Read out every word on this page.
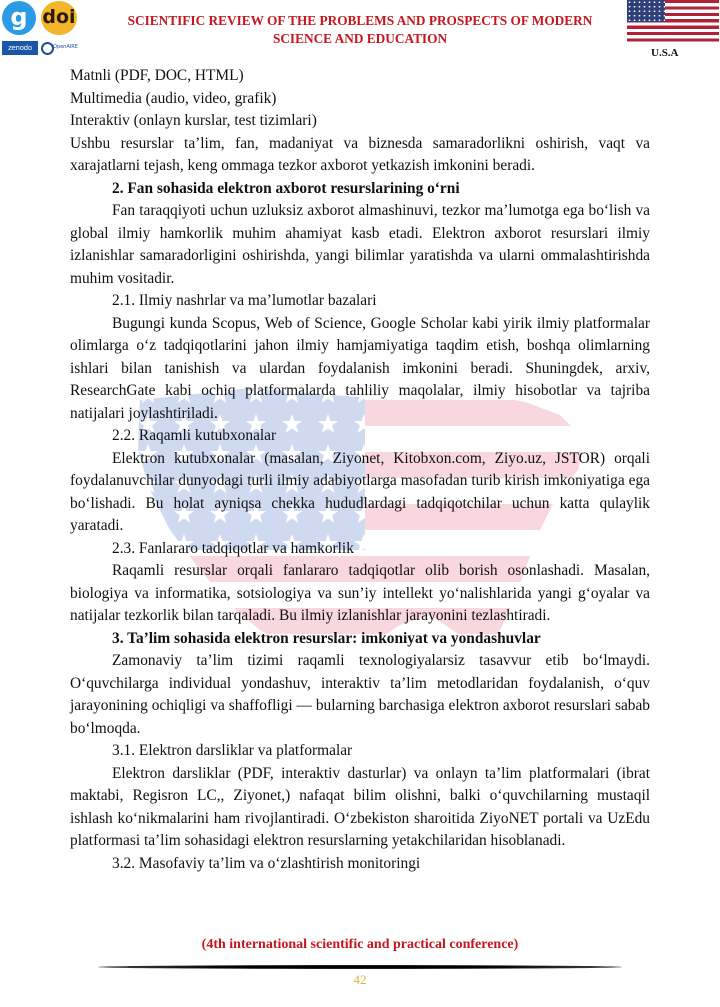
g doi
zenodo	OpenAIRE
SCIENTIFIC REVIEW OF THE PROBLEMS AND PROSPECTS OF MODERN
SCIENCE AND EDUCATION
U.S.A

Matnli (PDF, DOC, HTML)

Multimedia (audio, video, grafik)

Interaktiv (onlayn kurslar, test tizimlari)

Ushbu resurslar ta’lim, fan, madaniyat va biznesda samaradorlikni oshirish, vaqt va xarajatlarni tejash, keng ommaga tezkor axborot yetkazish imkonini beradi.

2. Fan sohasida elektron axborot resurslarining o‘rni

Fan taraqqiyoti uchun uzluksiz axborot almashinuvi, tezkor ma’lumotga ega bo‘lish va global ilmiy hamkorlik muhim ahamiyat kasb etadi. Elektron axborot resurslari ilmiy izlanishlar samaradorligini oshirishda, yangi bilimlar yaratishda va ularni ommalashtirishda muhim vositadir.

2.1. Ilmiy nashrlar va ma’lumotlar bazalari

Bugungi kunda Scopus, Web of Science, Google Scholar kabi yirik ilmiy platformalar olimlarga o‘z tadqiqotlarini jahon ilmiy hamjamiyatiga taqdim etish, boshqa olimlarning ishlari bilan tanishish va ulardan foydalanish imkonini beradi. Shuningdek, arxiv, ResearchGate kabi ochiq platformalarda tahliliy maqolalar, ilmiy hisobotlar va tajriba natijalari joylashtiriladi.

2.2. Raqamli kutubxonalar

Elektron kutubxonalar (masalan, Ziyonet, Kitobxon.com, Ziyo.uz, JSTOR) orqali foydalanuvchilar dunyodagi turli ilmiy adabiyotlarga masofadan turib kirish imkoniyatiga ega bo‘lishadi. Bu holat ayniqsa chekka hududlardagi tadqiqotchilar uchun katta qulaylik yaratadi.

2.3. Fanlararo tadqiqotlar va hamkorlik

Raqamli resurslar orqali fanlararo tadqiqotlar olib borish osonlashadi. Masalan, biologiya va informatika, sotsiologiya va sun’iy intellekt yo‘nalishlarida yangi g‘oyalar va natijalar tezkorlik bilan tarqaladi. Bu ilmiy izlanishlar jarayonini tezlashtiradi.

3. Ta’lim sohasida elektron resurslar: imkoniyat va yondashuvlar

Zamonaviy ta’lim tizimi raqamli texnologiyalarsiz tasavvur etib bo‘lmaydi. O‘quvchilarga individual yondashuv, interaktiv ta’lim metodlaridan foydalanish, o‘quv jarayonining ochiqligi va shaffofligi — bularning barchasiga elektron axborot resurslari sabab bo‘lmoqda.

3.1. Elektron darsliklar va platformalar

Elektron darsliklar (PDF, interaktiv dasturlar) va onlayn ta’lim platformalari (ibrat maktabi, Regisron LC,, Ziyonet,) nafaqat bilim olishni, balki o‘quvchilarning mustaqil ishlash ko‘nikmalarini ham rivojlantiradi. O‘zbekiston sharoitida ZiyoNET portali va UzEdu platformasi ta’lim sohasidagi elektron resurslarning yetakchilaridan hisoblanadi.

3.2. Masofaviy ta’lim va o‘zlashtirish monitoringi

(4th international scientific and practical conference)
42
